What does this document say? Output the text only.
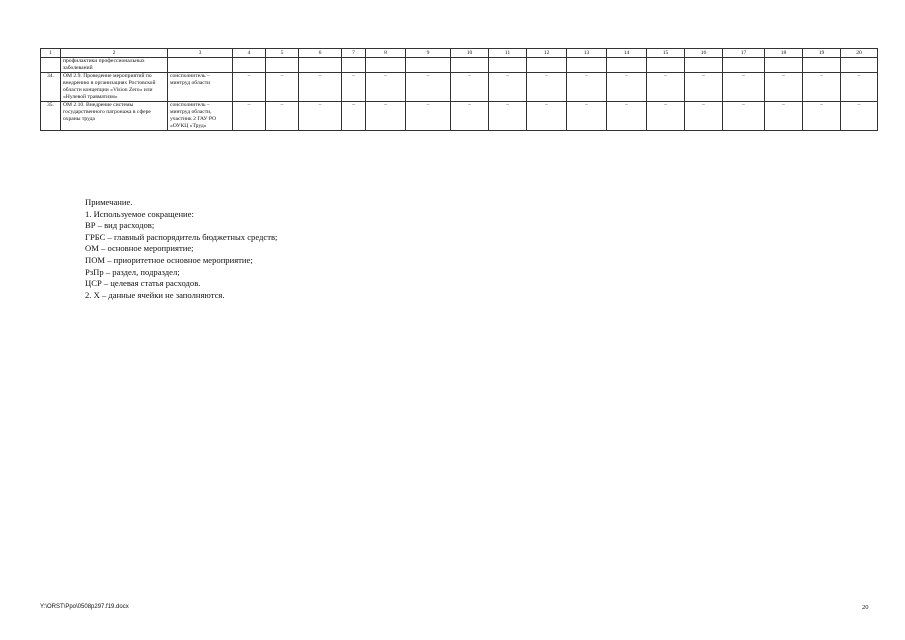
1	2	3	4	5	6	7	8	9	10	11	12	13	14	15	16	17	18	19	20
	профилактики профессиональных заболеваний																		
34.	ОМ 2.9. Проведение мероприятий по внедрению в организациях Ростовской области концепции «Vision Zero» или «Нулевой травматизм»	соисполнитель – минтруд области	–	–	–	–	–	–	–	–	–	–	–	–	–	–	–	–	–
35.	ОМ 2.10. Внедрение системы государственного патронажа в сфере охраны труда	соисполнитель – минтруд области, участник 2 ГАУ РО «ОУКЦ «Труд»	–	–	–	–	–	–	–	–	–	–	–	–	–	–	–	–	–
Примечание.
1. Используемое сокращение:
ВР – вид расходов;
ГРБС – главный распорядитель бюджетных средств;
ОМ – основное мероприятие;
ПОМ – приоритетное основное мероприятие;
РзПр – раздел, подраздел;
ЦСР – целевая статья расходов.
2. Х – данные ячейки не заполняются.
Y:\ORST\Ppo\0508p297.f19.docx	20
